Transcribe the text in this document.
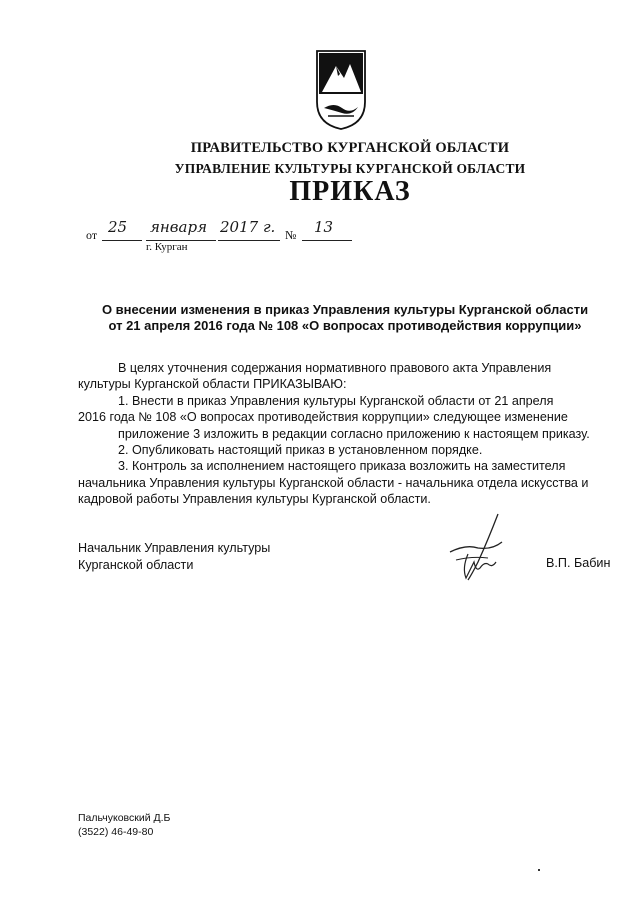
ПРАВИТЕЛЬСТВО КУРГАНСКОЙ ОБЛАСТИ
УПРАВЛЕНИЕ КУЛЬТУРЫ КУРГАНСКОЙ ОБЛАСТИ
ПРИКАЗ
от 25 января 2017 г. № 13
г. Курган
О внесении изменения в приказ Управления культуры Курганской области
от 21 апреля 2016 года № 108 «О вопросах противодействия коррупции»

В целях уточнения содержания нормативного правового акта Управления

культуры Курганской области ПРИКАЗЫВАЮ:

1. Внести в приказ Управления культуры Курганской области от 21 апреля

2016 года № 108 «О вопросах противодействия коррупции» следующее изменение

приложение 3 изложить в редакции согласно приложению к настоящем приказу.

2. Опубликовать настоящий приказ в установленном порядке.

3. Контроль за исполнением настоящего приказа возложить на заместителя

начальника Управления культуры Курганской области - начальника отдела искусства и

кадровой работы Управления культуры Курганской области.

Начальник Управления культуры
Курганской области	В.П. Бабин
Пальчуковский Д.Б
(3522) 46-49-80
